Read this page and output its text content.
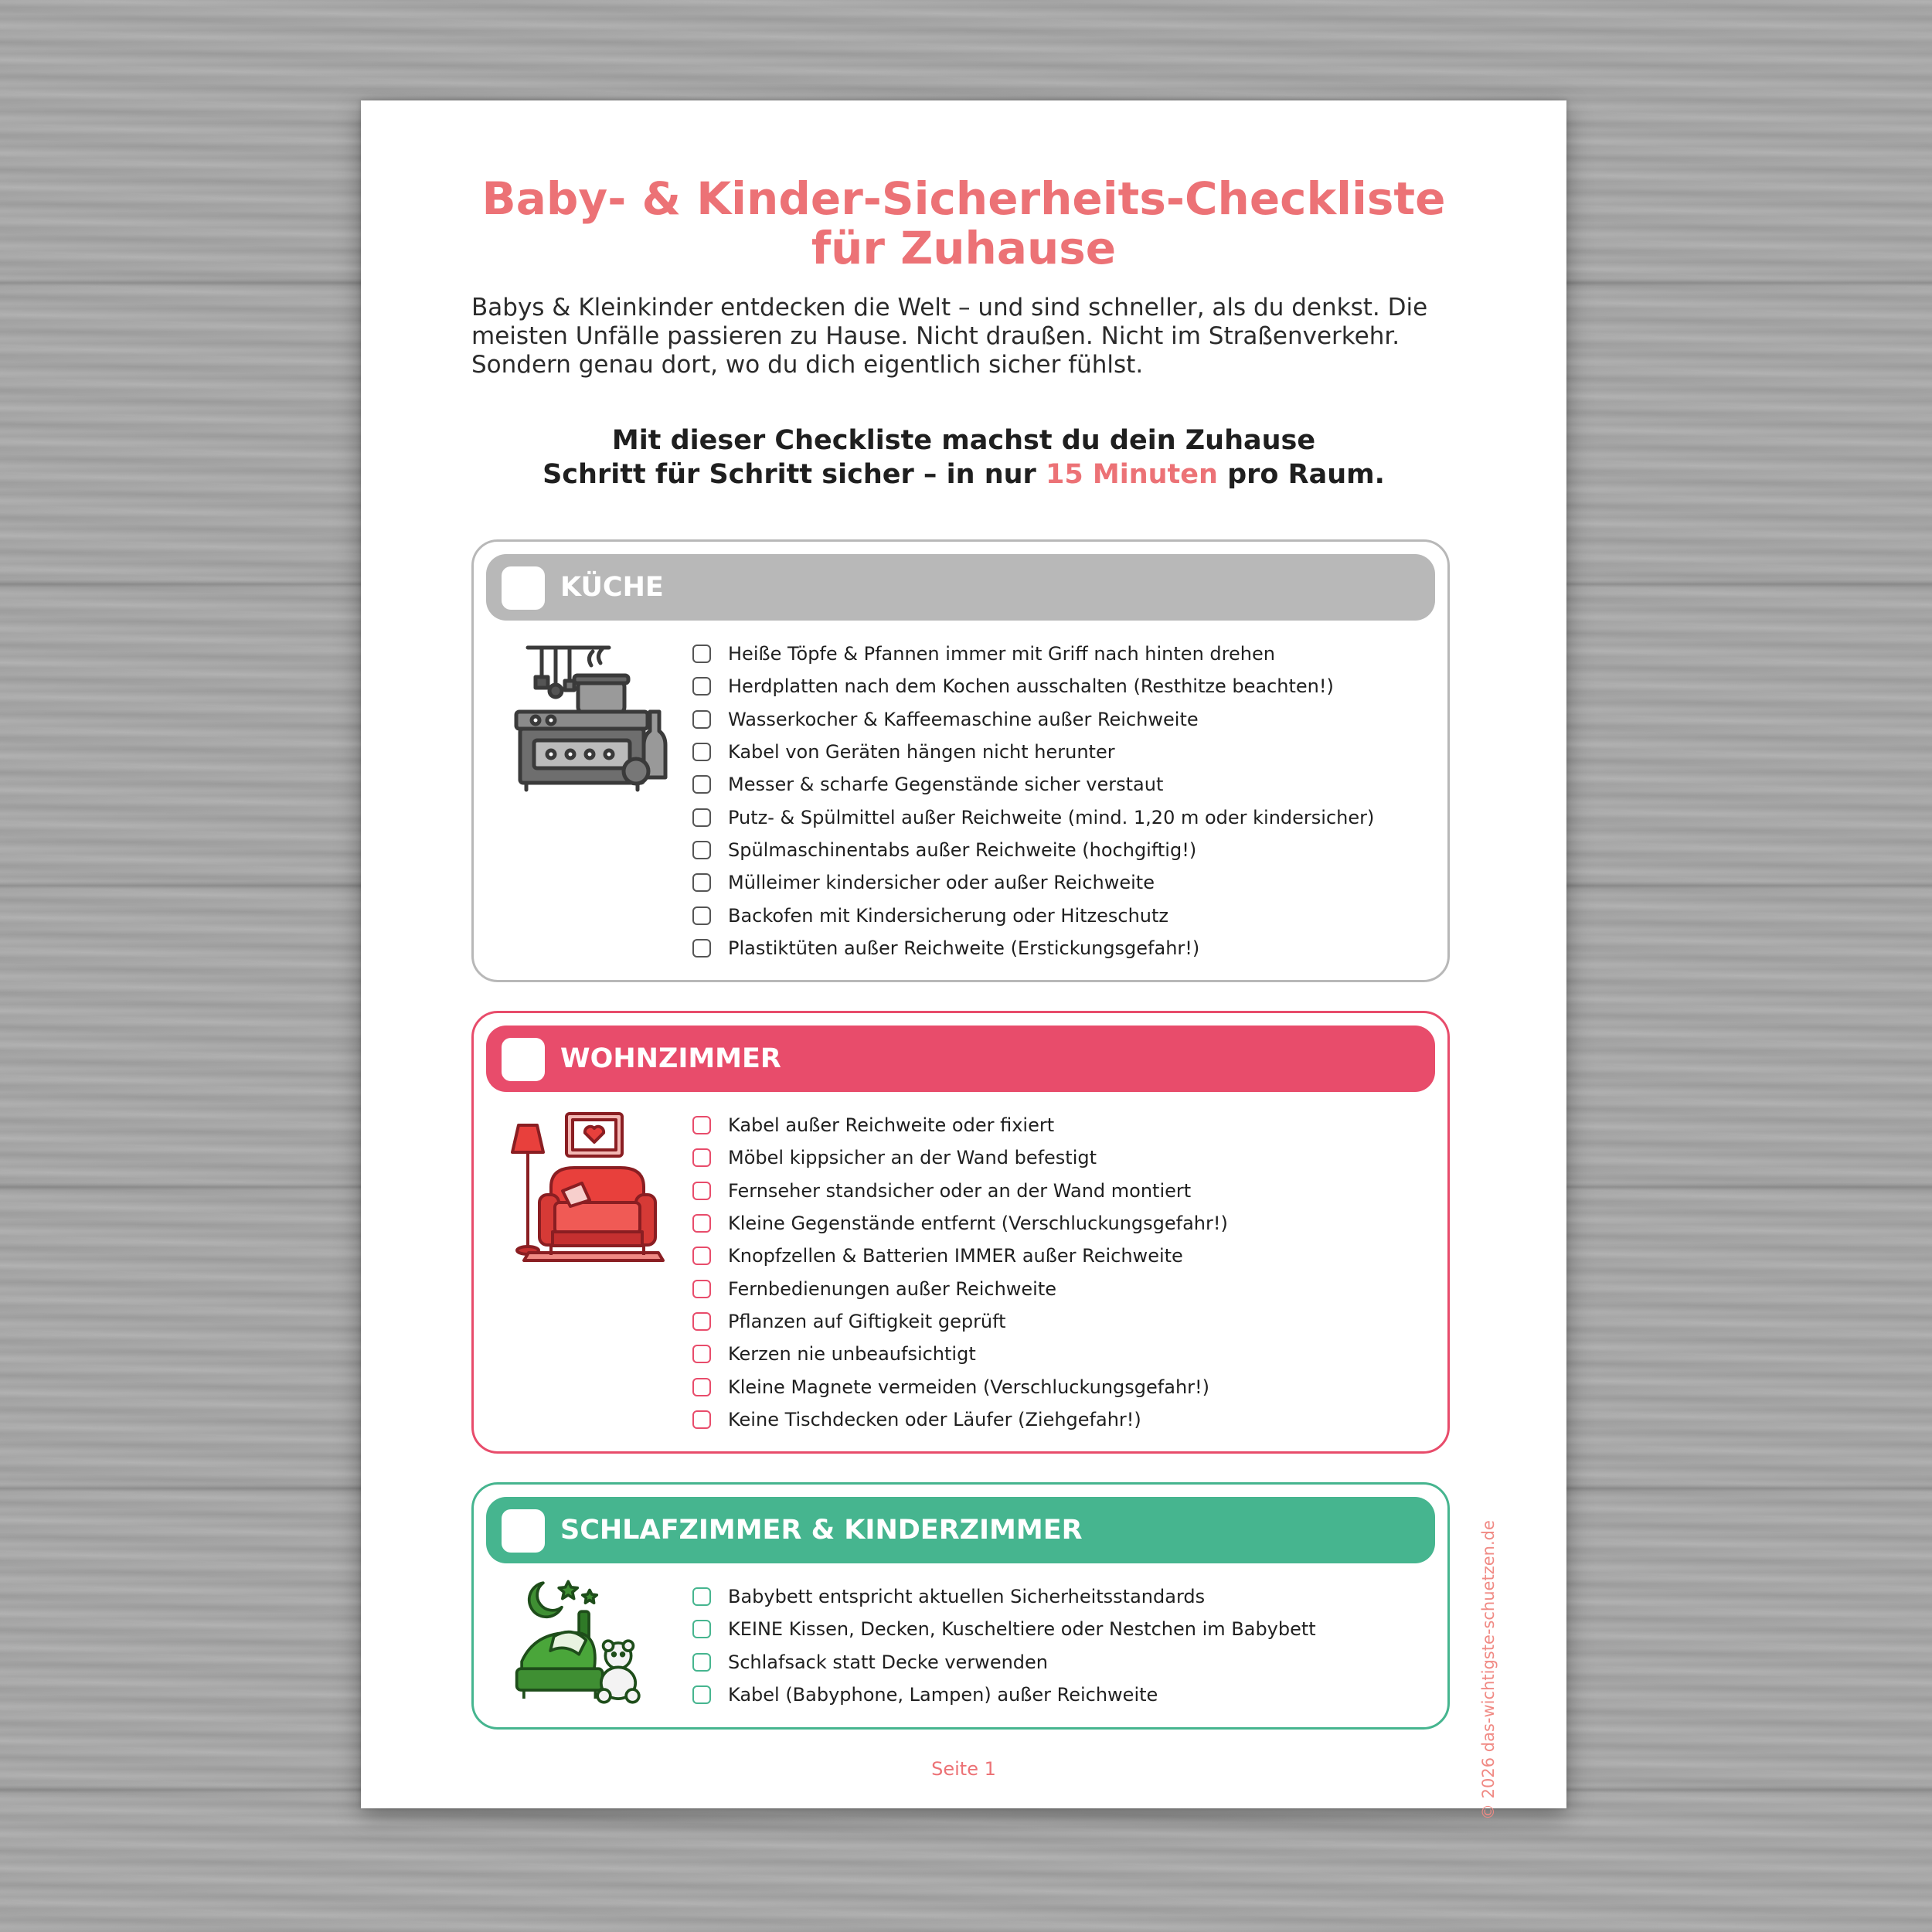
Baby- & Kinder-Sicherheits-Checkliste
für Zuhause
Babys & Kleinkinder entdecken die Welt – und sind schneller, als du denkst. Die meisten Unfälle passieren zu Hause. Nicht draußen. Nicht im Straßenverkehr. Sondern genau dort, wo du dich eigentlich sicher fühlst.
Mit dieser Checkliste machst du dein Zuhause
Schritt für Schritt sicher – in nur 15 Minuten pro Raum.
KÜCHE
Heiße Töpfe & Pfannen immer mit Griff nach hinten drehen
Herdplatten nach dem Kochen ausschalten (Resthitze beachten!)
Wasserkocher & Kaffeemaschine außer Reichweite
Kabel von Geräten hängen nicht herunter
Messer & scharfe Gegenstände sicher verstaut
Putz- & Spülmittel außer Reichweite (mind. 1,20 m oder kindersicher)
Spülmaschinentabs außer Reichweite (hochgiftig!)
Mülleimer kindersicher oder außer Reichweite
Backofen mit Kindersicherung oder Hitzeschutz
Plastiktüten außer Reichweite (Erstickungsgefahr!)
WOHNZIMMER
Kabel außer Reichweite oder fixiert
Möbel kippsicher an der Wand befestigt
Fernseher standsicher oder an der Wand montiert
Kleine Gegenstände entfernt (Verschluckungsgefahr!)
Knopfzellen & Batterien IMMER außer Reichweite
Fernbedienungen außer Reichweite
Pflanzen auf Giftigkeit geprüft
Kerzen nie unbeaufsichtigt
Kleine Magnete vermeiden (Verschluckungsgefahr!)
Keine Tischdecken oder Läufer (Ziehgefahr!)
SCHLAFZIMMER & KINDERZIMMER
Babybett entspricht aktuellen Sicherheitsstandards
KEINE Kissen, Decken, Kuscheltiere oder Nestchen im Babybett
Schlafsack statt Decke verwenden
Kabel (Babyphone, Lampen) außer Reichweite	© 2026 das-wichtigste-schuetzen.de
Seite 1
